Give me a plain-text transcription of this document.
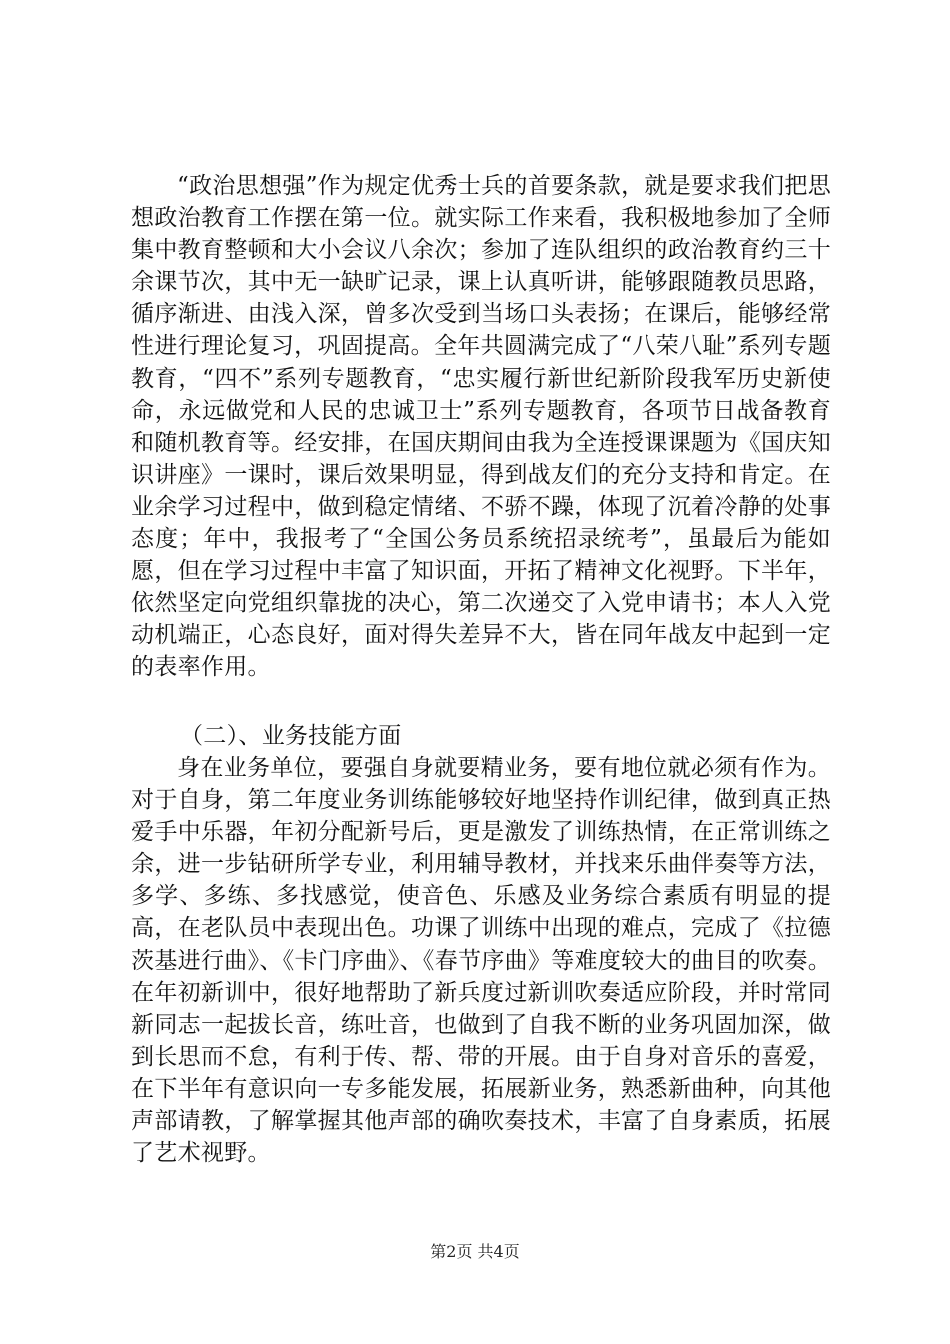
“政治思想强”作为规定优秀士兵的首要条款，就是要求我们把思想政治教育工作摆在第一位。就实际工作来看，我积极地参加了全师集中教育整顿和大小会议八余次；参加了连队组织的政治教育约三十余课节次，其中无一缺旷记录，课上认真听讲，能够跟随教员思路，循序渐进、由浅入深，曾多次受到当场口头表扬；在课后，能够经常性进行理论复习，巩固提高。全年共圆满完成了“八荣八耻”系列专题教育，“四不”系列专题教育，“忠实履行新世纪新阶段我军历史新使命，永远做党和人民的忠诚卫士”系列专题教育，各项节日战备教育和随机教育等。经安排，在国庆期间由我为全连授课课题为《国庆知识讲座》一课时，课后效果明显，得到战友们的充分支持和肯定。在业余学习过程中，做到稳定情绪、不骄不躁，体现了沉着冷静的处事态度；年中，我报考了“全国公务员系统招录统考”，虽最后为能如愿，但在学习过程中丰富了知识面，开拓了精神文化视野。下半年，依然坚定向党组织靠拢的决心，第二次递交了入党申请书；本人入党动机端正，心态良好，面对得失差异不大，皆在同年战友中起到一定的表率作用。

（二）、业务技能方面

身在业务单位，要强自身就要精业务，要有地位就必须有作为。对于自身，第二年度业务训练能够较好地坚持作训纪律，做到真正热爱手中乐器，年初分配新号后，更是激发了训练热情，在正常训练之余，进一步钻研所学专业，利用辅导教材，并找来乐曲伴奏等方法，多学、多练、多找感觉，使音色、乐感及业务综合素质有明显的提高，在老队员中表现出色。功课了训练中出现的难点，完成了《拉德茨基进行曲》、《卡门序曲》、《春节序曲》等难度较大的曲目的吹奏。在年初新训中，很好地帮助了新兵度过新训吹奏适应阶段，并时常同新同志一起拔长音，练吐音，也做到了自我不断的业务巩固加深，做到长思而不怠，有利于传、帮、带的开展。由于自身对音乐的喜爱，在下半年有意识向一专多能发展，拓展新业务，熟悉新曲种，向其他声部请教，了解掌握其他声部的确吹奏技术，丰富了自身素质，拓展了艺术视野。

第2页 共4页
